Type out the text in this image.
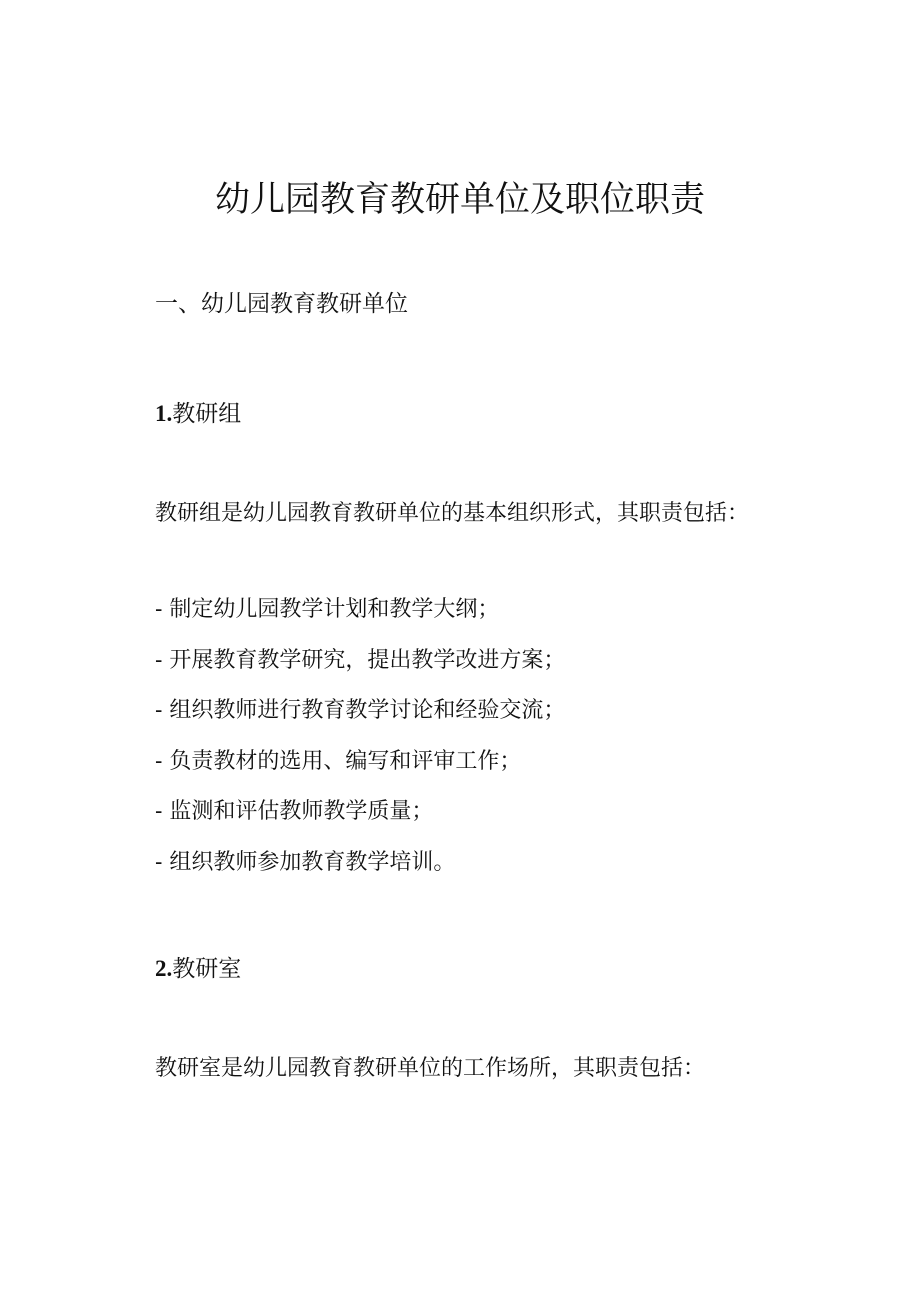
幼儿园教育教研单位及职位职责
一、幼儿园教育教研单位
1.教研组

教研组是幼儿园教育教研单位的基本组织形式，其职责包括：

- 制定幼儿园教学计划和教学大纲；
- 开展教育教学研究，提出教学改进方案；
- 组织教师进行教育教学讨论和经验交流；
- 负责教材的选用、编写和评审工作；
- 监测和评估教师教学质量；
- 组织教师参加教育教学培训。
2.教研室

教研室是幼儿园教育教研单位的工作场所，其职责包括：
